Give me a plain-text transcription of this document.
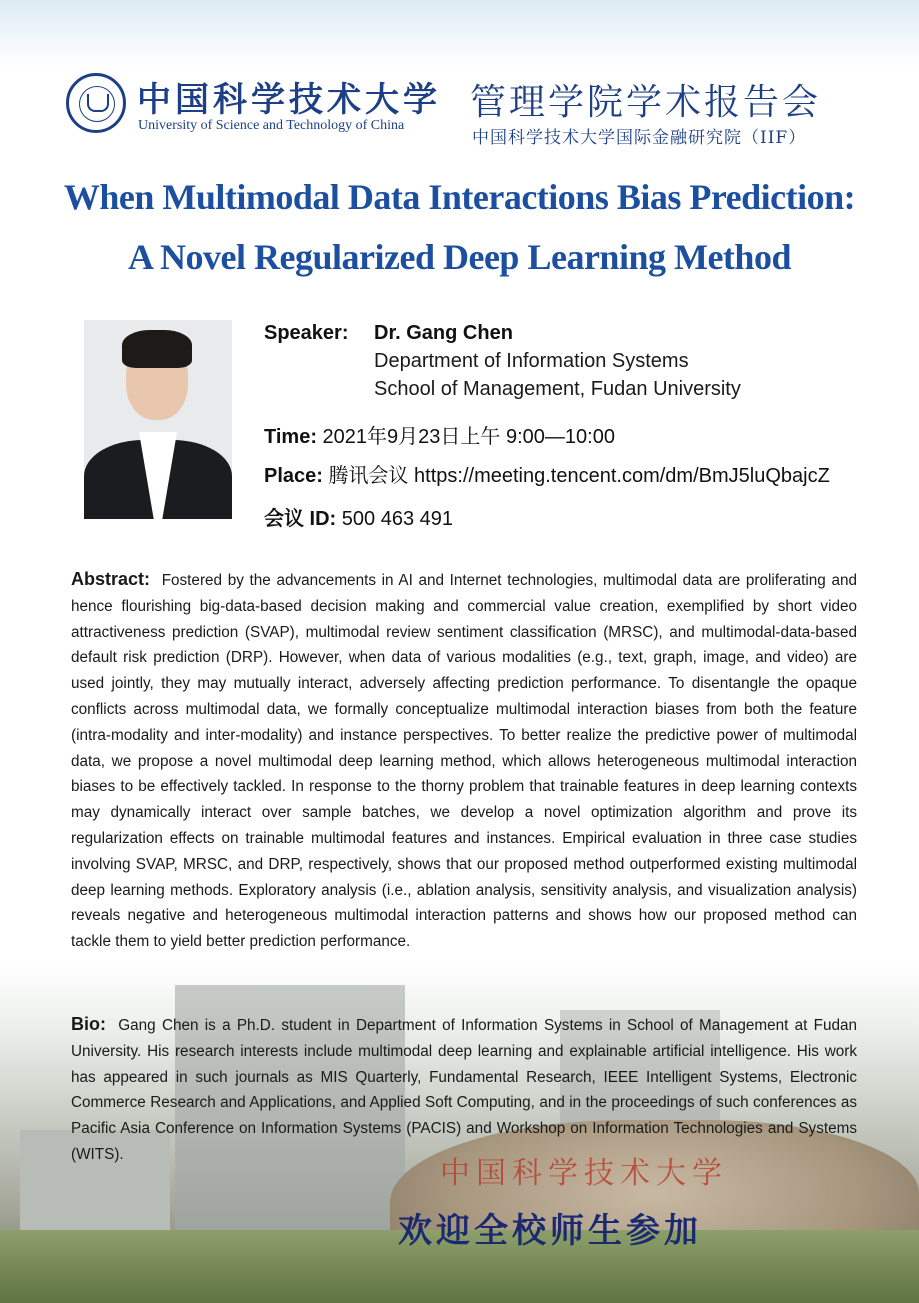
中国科学技术大学
University of Science and Technology of China
管理学院学术报告会
中国科学技术大学国际金融研究院（IIF）
When Multimodal Data Interactions Bias Prediction:
A Novel Regularized Deep Learning Method
Speaker: Dr. Gang Chen
Department of Information Systems
School of Management, Fudan University
Time: 2021年9月23日上午 9:00—10:00
Place: 腾讯会议 https://meeting.tencent.com/dm/BmJ5luQbajcZ
会议 ID: 500 463 491
Abstract: Fostered by the advancements in AI and Internet technologies, multimodal data are proliferating and hence flourishing big-data-based decision making and commercial value creation, exemplified by short video attractiveness prediction (SVAP), multimodal review sentiment classification (MRSC), and multimodal-data-based default risk prediction (DRP). However, when data of various modalities (e.g., text, graph, image, and video) are used jointly, they may mutually interact, adversely affecting prediction performance. To disentangle the opaque conflicts across multimodal data, we formally conceptualize multimodal interaction biases from both the feature (intra-modality and inter-modality) and instance perspectives. To better realize the predictive power of multimodal data, we propose a novel multimodal deep learning method, which allows heterogeneous multimodal interaction biases to be effectively tackled. In response to the thorny problem that trainable features in deep learning contexts may dynamically interact over sample batches, we develop a novel optimization algorithm and prove its regularization effects on trainable multimodal features and instances. Empirical evaluation in three case studies involving SVAP, MRSC, and DRP, respectively, shows that our proposed method outperformed existing multimodal deep learning methods. Exploratory analysis (i.e., ablation analysis, sensitivity analysis, and visualization analysis) reveals negative and heterogeneous multimodal interaction patterns and shows how our proposed method can tackle them to yield better prediction performance.
Bio: Gang Chen is a Ph.D. student in Department of Information Systems in School of Management at Fudan University. His research interests include multimodal deep learning and explainable artificial intelligence. His work has appeared in such journals as MIS Quarterly, Fundamental Research, IEEE Intelligent Systems, Electronic Commerce Research and Applications, and Applied Soft Computing, and in the proceedings of such conferences as Pacific Asia Conference on Information Systems (PACIS) and Workshop on Information Technologies and Systems (WITS).
中国科学技术大学
欢迎全校师生参加
